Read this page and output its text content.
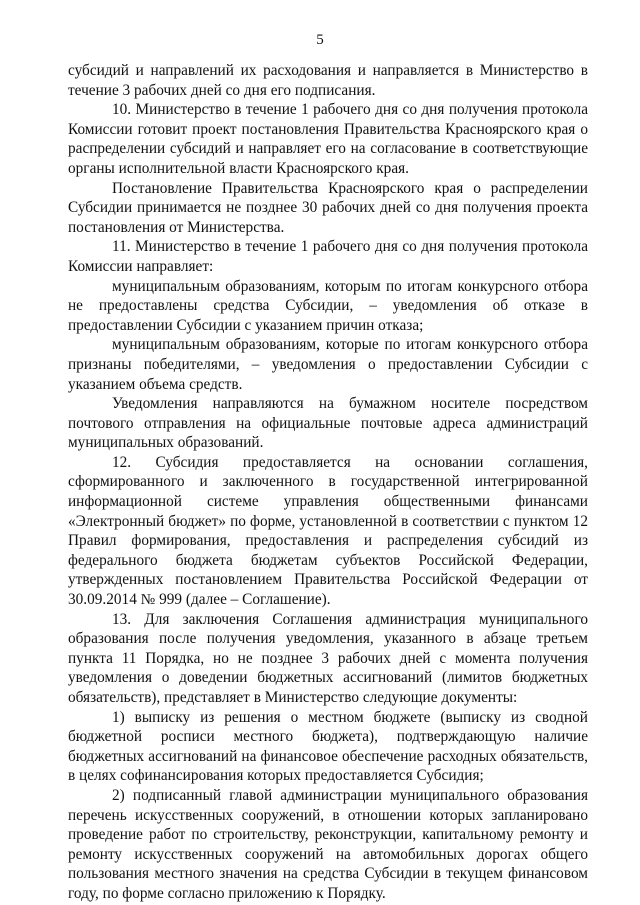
5

субсидий и направлений их расходования и направляется в Министерство в течение 3 рабочих дней со дня его подписания.

10. Министерство в течение 1 рабочего дня со дня получения протокола Комиссии готовит проект постановления Правительства Красноярского края о распределении субсидий и направляет его на согласование в соответствующие органы исполнительной власти Красноярского края.

Постановление Правительства Красноярского края о распределении Субсидии принимается не позднее 30 рабочих дней со дня получения проекта постановления от Министерства.

11. Министерство в течение 1 рабочего дня со дня получения протокола Комиссии направляет:

муниципальным образованиям, которым по итогам конкурсного отбора не предоставлены средства Субсидии, – уведомления об отказе в предоставлении Субсидии с указанием причин отказа;

муниципальным образованиям, которые по итогам конкурсного отбора признаны победителями, – уведомления о предоставлении Субсидии с указанием объема средств.

Уведомления направляются на бумажном носителе посредством почтового отправления на официальные почтовые адреса администраций муниципальных образований.

12. Субсидия предоставляется на основании соглашения, сформированного и заключенного в государственной интегрированной информационной системе управления общественными финансами «Электронный бюджет» по форме, установленной в соответствии с пунктом 12 Правил формирования, предоставления и распределения субсидий из федерального бюджета бюджетам субъектов Российской Федерации, утвержденных постановлением Правительства Российской Федерации от 30.09.2014 № 999 (далее – Соглашение).

13. Для заключения Соглашения администрация муниципального образования после получения уведомления, указанного в абзаце третьем пункта 11 Порядка, но не позднее 3 рабочих дней с момента получения уведомления о доведении бюджетных ассигнований (лимитов бюджетных обязательств), представляет в Министерство следующие документы:

1) выписку из решения о местном бюджете (выписку из сводной бюджетной росписи местного бюджета), подтверждающую наличие бюджетных ассигнований на финансовое обеспечение расходных обязательств, в целях софинансирования которых предоставляется Субсидия;

2) подписанный главой администрации муниципального образования перечень искусственных сооружений, в отношении которых запланировано проведение работ по строительству, реконструкции, капитальному ремонту и ремонту искусственных сооружений на автомобильных дорогах общего пользования местного значения на средства Субсидии в текущем финансовом году, по форме согласно приложению к Порядку.
